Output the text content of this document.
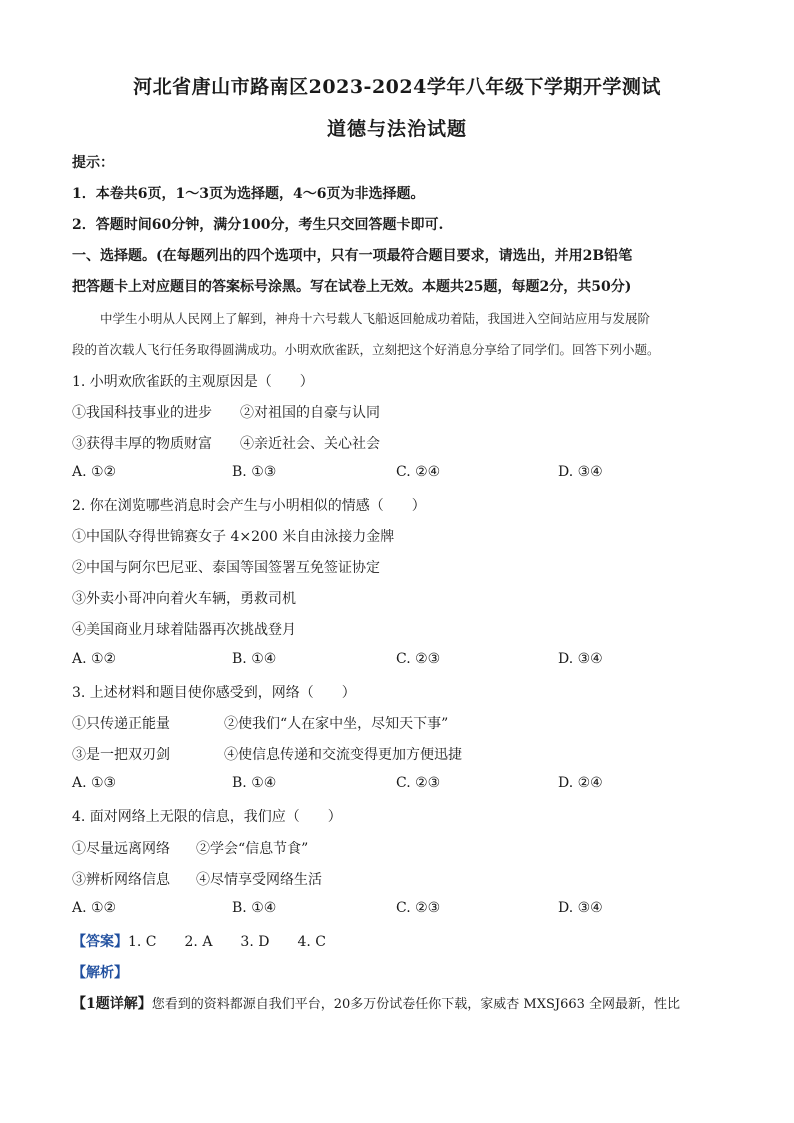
河北省唐山市路南区2023-2024学年八年级下学期开学测试
道德与法治试题
提示：
1．本卷共6页，1～3页为选择题，4～6页为非选择题。
2．答题时间60分钟，满分100分，考生只交回答题卡即可.
一、选择题。(在每题列出的四个选项中，只有一项最符合题目要求，请选出，并用2B铅笔
把答题卡上对应题目的答案标号涂黑。写在试卷上无效。本题共25题，每题2分，共50分)
中学生小明从人民网上了解到，神舟十六号载人飞船返回舱成功着陆，我国进入空间站应用与发展阶
段的首次载人飞行任务取得圆满成功。小明欢欣雀跃，立刻把这个好消息分享给了同学们。回答下列小题。
1. 小明欢欣雀跃的主观原因是（　　）
①我国科技事业的进步 ②对祖国的自豪与认同
③获得丰厚的物质财富 ④亲近社会、关心社会
A. ①②	B. ①③	C. ②④	D. ③④
2. 你在浏览哪些消息时会产生与小明相似的情感（　　）
①中国队夺得世锦赛女子 4×200 米自由泳接力金牌
②中国与阿尔巴尼亚、泰国等国签署互免签证协定
③外卖小哥冲向着火车辆，勇救司机
④美国商业月球着陆器再次挑战登月
A. ①②	B. ①④	C. ②③	D. ③④
3. 上述材料和题目使你感受到，网络（　　）
①只传递正能量	②使我们“人在家中坐，尽知天下事”
③是一把双刃剑	④使信息传递和交流变得更加方便迅捷
A. ①③	B. ①④	C. ②③	D. ②④
4. 面对网络上无限的信息，我们应（　　）
①尽量远离网络 ②学会“信息节食”
③辨析网络信息 ④尽情享受网络生活
A. ①②	B. ①④	C. ②③	D. ③④
【答案】1. C　　2. A　　3. D　　4. C
【解析】
【1题详解】您看到的资料都源自我们平台，20多万份试卷任你下载，家威杏 MXSJ663 全网最新，性比
